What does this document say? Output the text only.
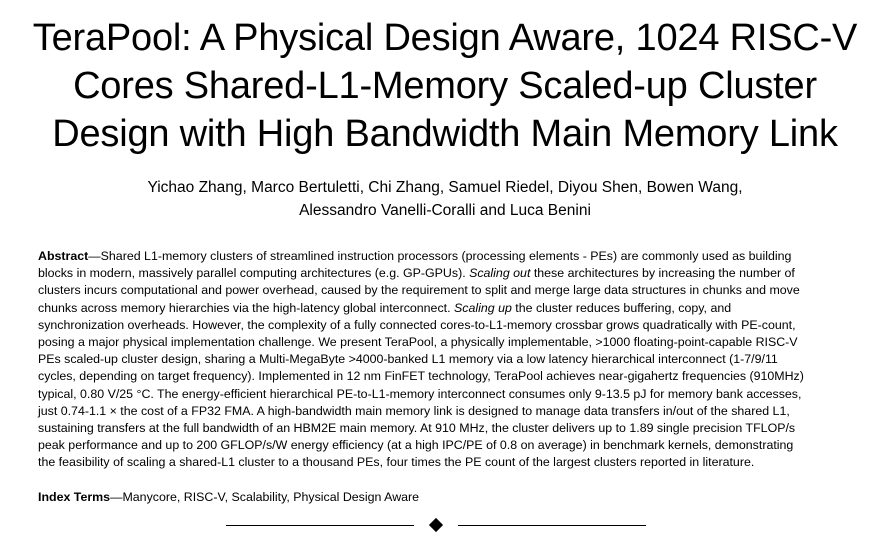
TeraPool: A Physical Design Aware, 1024 RISC-V
Cores Shared-L1-Memory Scaled-up Cluster
Design with High Bandwidth Main Memory Link
Yichao Zhang, Marco Bertuletti, Chi Zhang, Samuel Riedel, Diyou Shen, Bowen Wang,
Alessandro Vanelli-Coralli and Luca Benini
Abstract—Shared L1-memory clusters of streamlined instruction processors (processing elements - PEs) are commonly used as building
blocks in modern, massively parallel computing architectures (e.g. GP-GPUs). Scaling out these architectures by increasing the number of
clusters incurs computational and power overhead, caused by the requirement to split and merge large data structures in chunks and move
chunks across memory hierarchies via the high-latency global interconnect. Scaling up the cluster reduces buffering, copy, and
synchronization overheads. However, the complexity of a fully connected cores-to-L1-memory crossbar grows quadratically with PE-count,
posing a major physical implementation challenge. We present TeraPool, a physically implementable, >1000 floating-point-capable RISC-V
PEs scaled-up cluster design, sharing a Multi-MegaByte >4000-banked L1 memory via a low latency hierarchical interconnect (1-7/9/11
cycles, depending on target frequency). Implemented in 12 nm FinFET technology, TeraPool achieves near-gigahertz frequencies (910MHz)
typical, 0.80 V/25 °C. The energy-efficient hierarchical PE-to-L1-memory interconnect consumes only 9-13.5 pJ for memory bank accesses,
just 0.74-1.1 × the cost of a FP32 FMA. A high-bandwidth main memory link is designed to manage data transfers in/out of the shared L1,
sustaining transfers at the full bandwidth of an HBM2E main memory. At 910 MHz, the cluster delivers up to 1.89 single precision TFLOP/s
peak performance and up to 200 GFLOP/s/W energy efficiency (at a high IPC/PE of 0.8 on average) in benchmark kernels, demonstrating
the feasibility of scaling a shared-L1 cluster to a thousand PEs, four times the PE count of the largest clusters reported in literature.
Index Terms—Manycore, RISC-V, Scalability, Physical Design Aware
